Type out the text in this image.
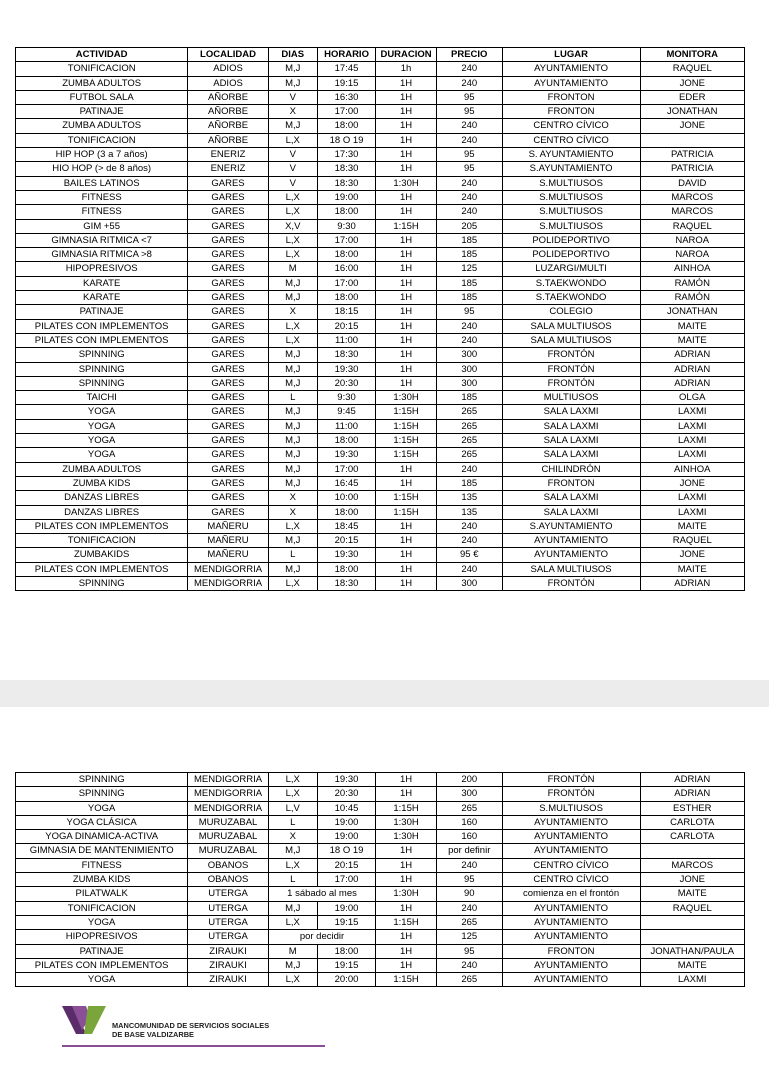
ACTIVIDAD	LOCALIDAD	DIAS	HORARIO	DURACION	PRECIO	LUGAR	MONITORA
TONIFICACION	ADIOS	M,J	17:45	1h	240	AYUNTAMIENTO	RAQUEL
ZUMBA ADULTOS	ADIOS	M,J	19:15	1H	240	AYUNTAMIENTO	JONE
FUTBOL SALA	AÑORBE	V	16:30	1H	95	FRONTON	EDER
PATINAJE	AÑORBE	X	17:00	1H	95	FRONTON	JONATHAN
ZUMBA ADULTOS	AÑORBE	M,J	18:00	1H	240	CENTRO CÍVICO	JONE
TONIFICACION	AÑORBE	L,X	18 O 19	1H	240	CENTRO CÍVICO	
HIP HOP (3 a 7 años)	ENERIZ	V	17:30	1H	95	S. AYUNTAMIENTO	PATRICIA
HIO HOP (> de 8 años)	ENERIZ	V	18:30	1H	95	S.AYUNTAMIENTO	PATRICIA
BAILES LATINOS	GARES	V	18:30	1:30H	240	S.MULTIUSOS	DAVID
FITNESS	GARES	L,X	19:00	1H	240	S.MULTIUSOS	MARCOS
FITNESS	GARES	L,X	18:00	1H	240	S.MULTIUSOS	MARCOS
GIM +55	GARES	X,V	9:30	1:15H	205	S.MULTIUSOS	RAQUEL
GIMNASIA RITMICA <7	GARES	L,X	17:00	1H	185	POLIDEPORTIVO	NAROA
GIMNASIA RITMICA >8	GARES	L,X	18:00	1H	185	POLIDEPORTIVO	NAROA
HIPOPRESIVOS	GARES	M	16:00	1H	125	LUZARGI/MULTI	AINHOA
KARATE	GARES	M,J	17:00	1H	185	S.TAEKWONDO	RAMÓN
KARATE	GARES	M,J	18:00	1H	185	S.TAEKWONDO	RAMÓN
PATINAJE	GARES	X	18:15	1H	95	COLEGIO	JONATHAN
PILATES CON IMPLEMENTOS	GARES	L,X	20:15	1H	240	SALA MULTIUSOS	MAITE
PILATES CON IMPLEMENTOS	GARES	L,X	11:00	1H	240	SALA MULTIUSOS	MAITE
SPINNING	GARES	M,J	18:30	1H	300	FRONTÓN	ADRIAN
SPINNING	GARES	M,J	19:30	1H	300	FRONTÓN	ADRIAN
SPINNING	GARES	M,J	20:30	1H	300	FRONTÓN	ADRIAN
TAICHI	GARES	L	9:30	1:30H	185	MULTIUSOS	OLGA
YOGA	GARES	M,J	9:45	1:15H	265	SALA LAXMI	LAXMI
YOGA	GARES	M,J	11:00	1:15H	265	SALA LAXMI	LAXMI
YOGA	GARES	M,J	18:00	1:15H	265	SALA LAXMI	LAXMI
YOGA	GARES	M,J	19:30	1:15H	265	SALA LAXMI	LAXMI
ZUMBA ADULTOS	GARES	M,J	17:00	1H	240	CHILINDRÓN	AINHOA
ZUMBA KIDS	GARES	M,J	16:45	1H	185	FRONTON	JONE
DANZAS LIBRES	GARES	X	10:00	1:15H	135	SALA LAXMI	LAXMI
DANZAS LIBRES	GARES	X	18:00	1:15H	135	SALA LAXMI	LAXMI
PILATES CON IMPLEMENTOS	MAÑERU	L,X	18:45	1H	240	S.AYUNTAMIENTO	MAITE
TONIFICACION	MAÑERU	M,J	20:15	1H	240	AYUNTAMIENTO	RAQUEL
ZUMBAKIDS	MAÑERU	L	19:30	1H	95 €	AYUNTAMIENTO	JONE
PILATES CON IMPLEMENTOS	MENDIGORRIA	M,J	18:00	1H	240	SALA MULTIUSOS	MAITE
SPINNING	MENDIGORRIA	L,X	18:30	1H	300	FRONTÓN	ADRIAN
SPINNING	MENDIGORRIA	L,X	19:30	1H	200	FRONTÓN	ADRIAN
SPINNING	MENDIGORRIA	L,X	20:30	1H	300	FRONTÓN	ADRIAN
YOGA	MENDIGORRIA	L,V	10:45	1:15H	265	S.MULTIUSOS	ESTHER
YOGA CLÁSICA	MURUZABAL	L	19:00	1:30H	160	AYUNTAMIENTO	CARLOTA
YOGA DINAMICA-ACTIVA	MURUZABAL	X	19:00	1:30H	160	AYUNTAMIENTO	CARLOTA
GIMNASIA DE MANTENIMIENTO	MURUZABAL	M,J	18 O 19	1H	por definir	AYUNTAMIENTO	
FITNESS	OBANOS	L,X	20:15	1H	240	CENTRO CÍVICO	MARCOS
ZUMBA KIDS	OBANOS	L	17:00	1H	95	CENTRO CÍVICO	JONE
PILATWALK	UTERGA	1 sábado al mes		1:30H	90	comienza en el frontón	MAITE
TONIFICACION	UTERGA	M,J	19:00	1H	240	AYUNTAMIENTO	RAQUEL
YOGA	UTERGA	L,X	19:15	1:15H	265	AYUNTAMIENTO	
HIPOPRESIVOS	UTERGA	por decidir		1H	125	AYUNTAMIENTO	
PATINAJE	ZIRAUKI	M	18:00	1H	95	FRONTON	JONATHAN/PAULA
PILATES CON IMPLEMENTOS	ZIRAUKI	M,J	19:15	1H	240	AYUNTAMIENTO	MAITE
YOGA	ZIRAUKI	L,X	20:00	1:15H	265	AYUNTAMIENTO	LAXMI
MANCOMUNIDAD DE SERVICIOS SOCIALES
DE BASE VALDIZARBE
